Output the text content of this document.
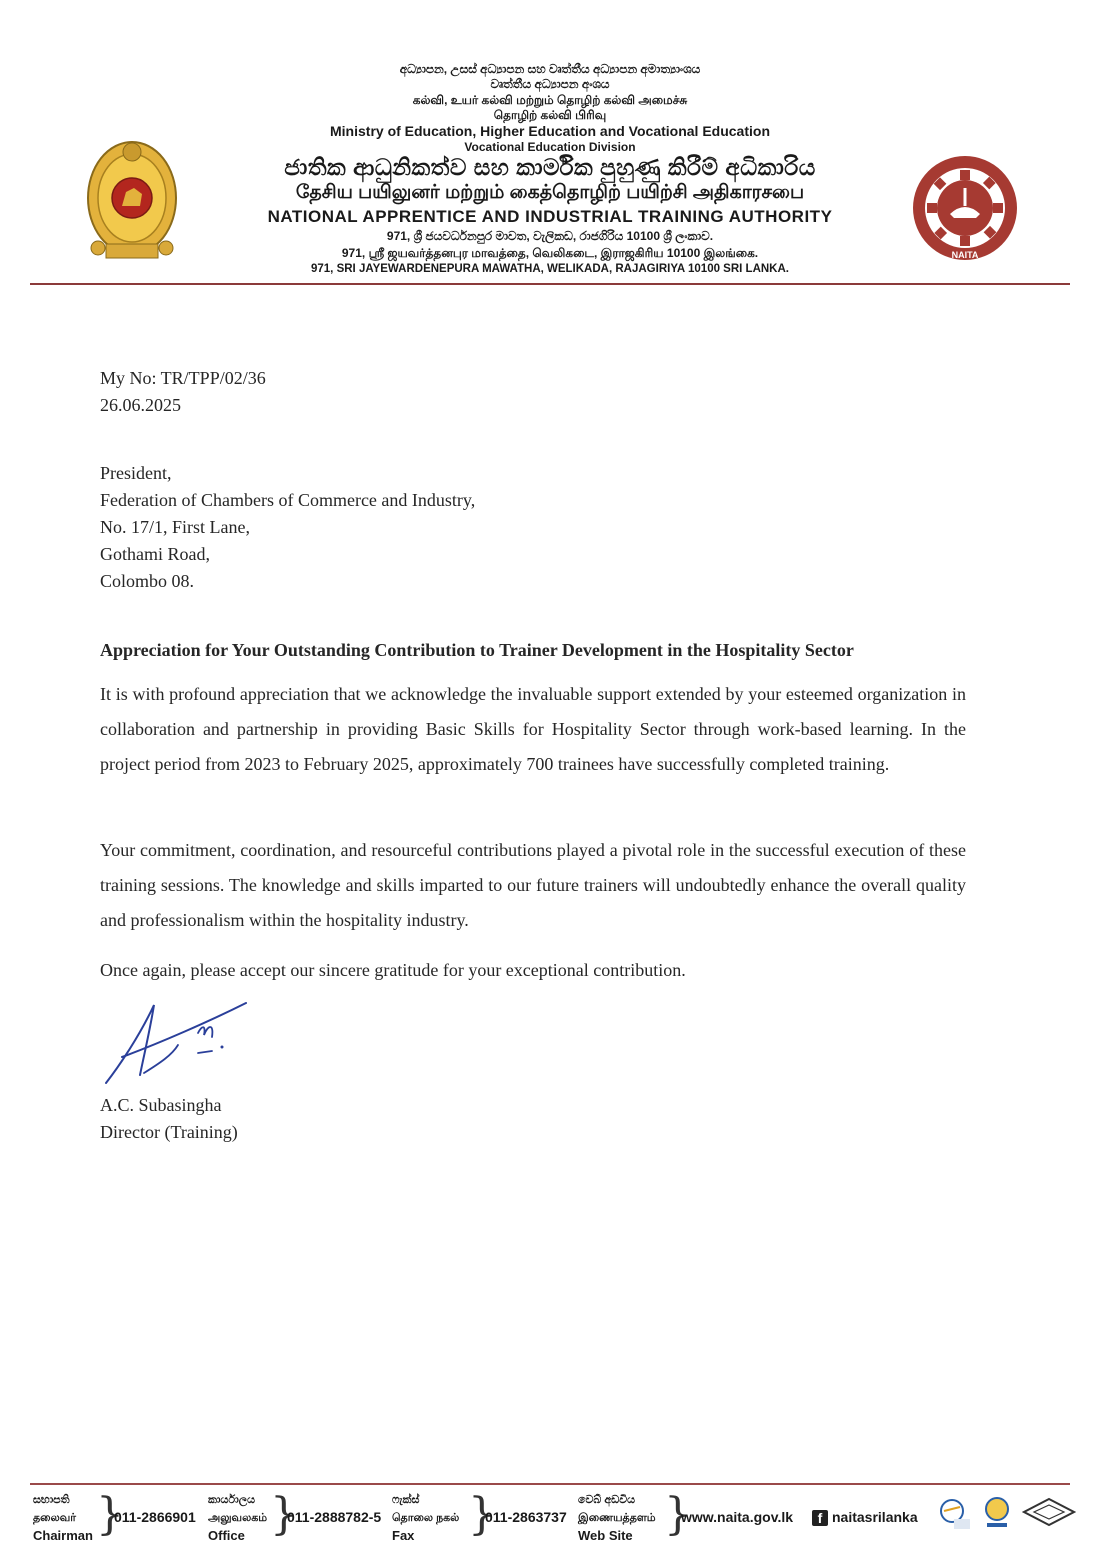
අධ්‍යාපන, උසස් අධ්‍යාපන සහ වෘත්තීය අධ්‍යාපන අමාත්‍යාංශය
වෘත්තීය අධ්‍යාපන අංශය
கல்வி, உயர் கல்வி மற்றும் தொழிற் கல்வி அமைச்சு
தொழிற் கல்வி பிரிவு
Ministry of Education, Higher Education and Vocational Education
Vocational Education Division
ජාතික ආධුනිකත්ව සහ කාර්මික පුහුණු කිරීම් අධිකාරිය
தேசிய பயிலுனர் மற்றும் கைத்தொழிற் பயிற்சி அதிகாரசபை
NATIONAL APPRENTICE AND INDUSTRIAL TRAINING AUTHORITY
971, ශ්‍රී ජයවර්ධනපුර මාවත, වැලිකඩ, රාජගිරිය 10100 ශ්‍රී ලංකාව.
971, ஸ்ரீ ஜயவர்த்தனபுர மாவத்தை, வெலிகடை, இராஜகிரிய 10100 இலங்கை.
971, SRI JAYEWARDENEPURA MAWATHA, WELIKADA, RAJAGIRIYA 10100 SRI LANKA.
NAITA
My No: TR/TPP/02/36
26.06.2025
President,
Federation of Chambers of Commerce and Industry,
No. 17/1, First Lane,
Gothami Road,
Colombo 08.
Appreciation for Your Outstanding Contribution to Trainer Development in the Hospitality Sector
It is with profound appreciation that we acknowledge the invaluable support extended by your esteemed organization in collaboration and partnership in providing Basic Skills for Hospitality Sector through work-based learning. In the project period from 2023 to February 2025, approximately 700 trainees have successfully completed training.
Your commitment, coordination, and resourceful contributions played a pivotal role in the successful execution of these training sessions. The knowledge and skills imparted to our future trainers will undoubtedly enhance the overall quality and professionalism within the hospitality industry.
Once again, please accept our sincere gratitude for your exceptional contribution.
A.C. Subasingha
Director (Training)
සභාපති
தலைவர்
Chairman }
011-2866901
කාර්යාලය
அலுவலகம்
Office }
011-2888782-5
ෆැක්ස්
தொலை நகல்
Fax	}
011-2863737
වෙබ් අඩවිය
இணையத்தளம்
Web Site }
www.naita.gov.lk	f naitasrilanka
